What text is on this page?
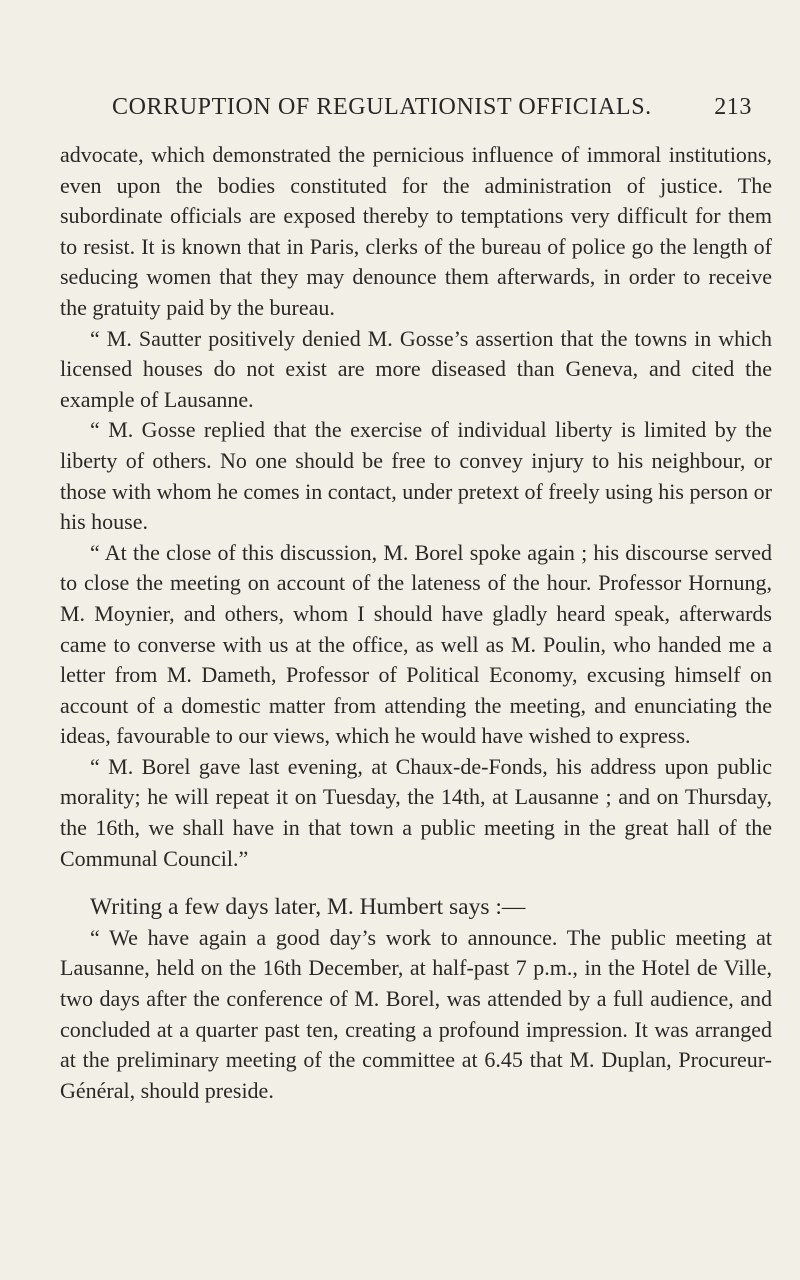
CORRUPTION OF REGULATIONIST OFFICIALS.	213

advocate, which demonstrated the pernicious influence of immoral institutions, even upon the bodies constituted for the administration of justice. The subordinate officials are exposed thereby to temptations very difficult for them to resist. It is known that in Paris, clerks of the bureau of police go the length of seducing women that they may denounce them afterwards, in order to receive the gratuity paid by the bureau.

“ M. Sautter positively denied M. Gosse’s assertion that the towns in which licensed houses do not exist are more diseased than Geneva, and cited the example of Lausanne.

“ M. Gosse replied that the exercise of individual liberty is limited by the liberty of others. No one should be free to convey injury to his neighbour, or those with whom he comes in contact, under pretext of freely using his person or his house.

“ At the close of this discussion, M. Borel spoke again ; his discourse served to close the meeting on account of the lateness of the hour. Professor Hornung, M. Moynier, and others, whom I should have gladly heard speak, afterwards came to converse with us at the office, as well as M. Poulin, who handed me a letter from M. Dameth, Professor of Political Economy, excusing himself on account of a domestic matter from attending the meeting, and enunciating the ideas, favourable to our views, which he would have wished to express.

“ M. Borel gave last evening, at Chaux-de-Fonds, his address upon public morality; he will repeat it on Tuesday, the 14th, at Lausanne ; and on Thursday, the 16th, we shall have in that town a public meeting in the great hall of the Communal Council.”

Writing a few days later, M. Humbert says :—

“ We have again a good day’s work to announce. The public meeting at Lausanne, held on the 16th December, at half-past 7 p.m., in the Hotel de Ville, two days after the conference of M. Borel, was attended by a full audience, and concluded at a quarter past ten, creating a profound impression. It was arranged at the preliminary meeting of the committee at 6.45 that M. Duplan, Procureur-Général, should preside.
